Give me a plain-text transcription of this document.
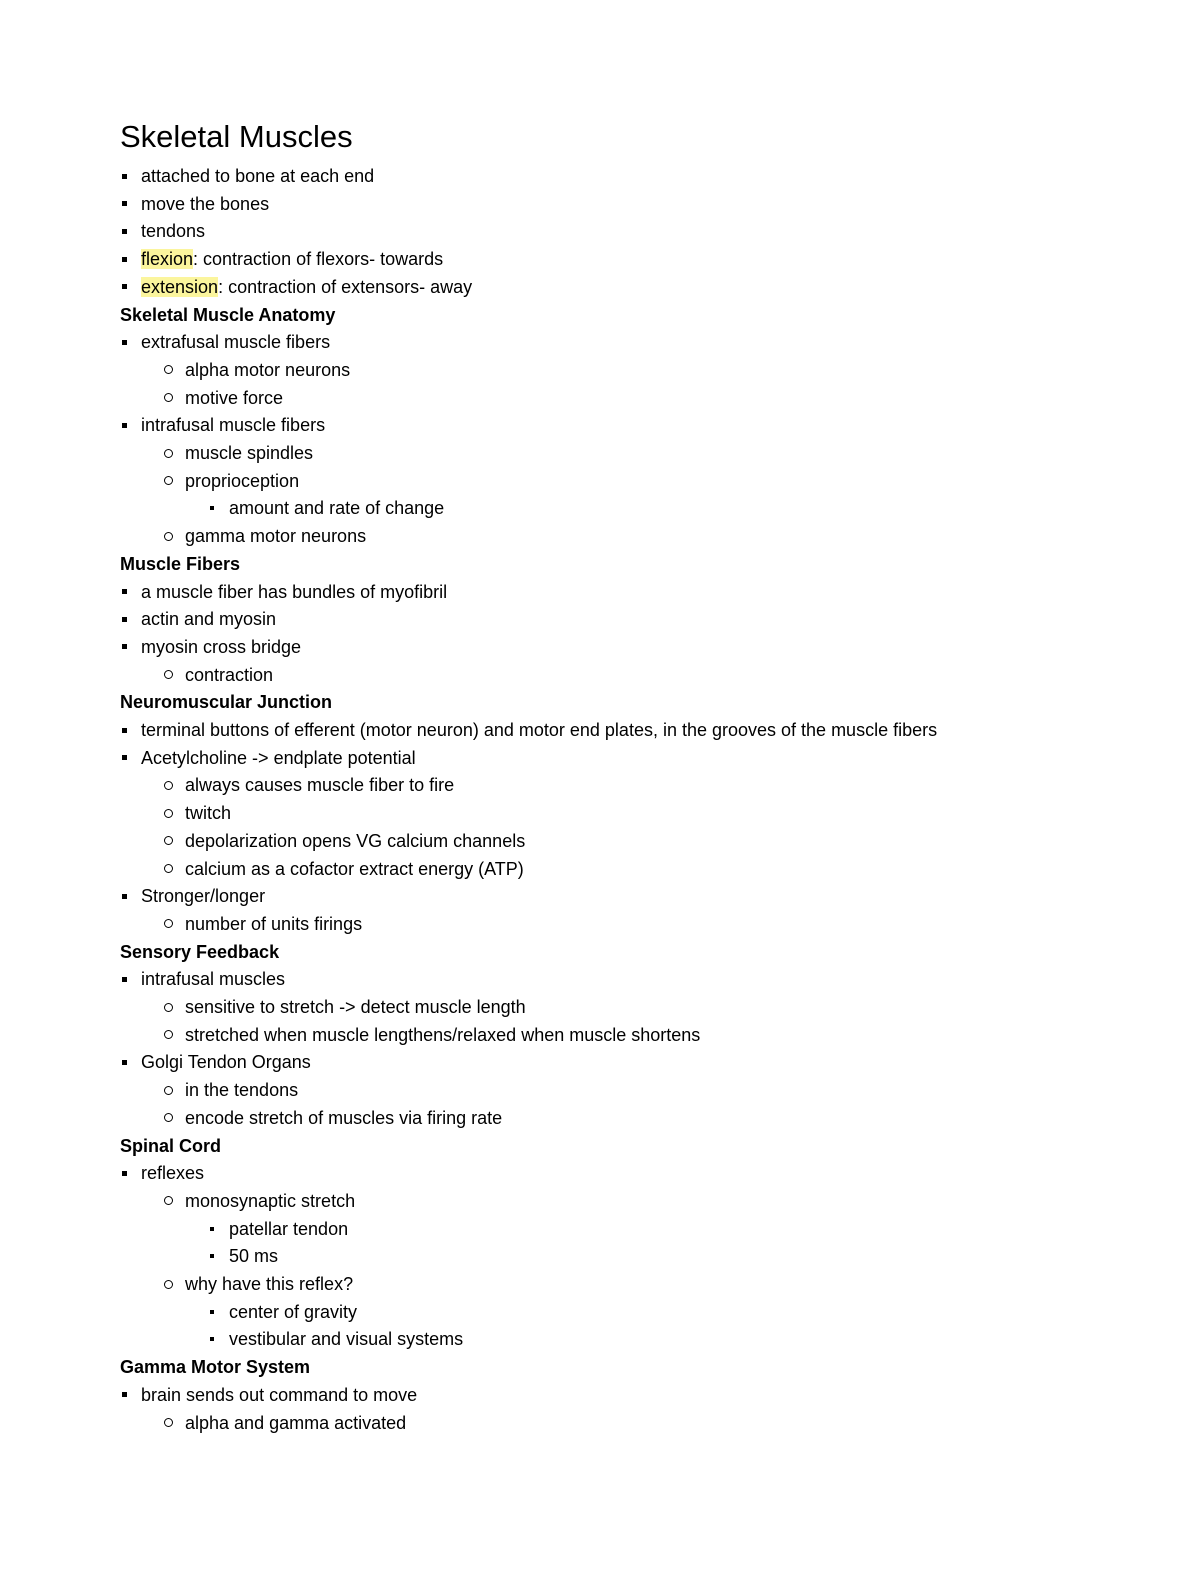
Skeletal Muscles
attached to bone at each end
move the bones
tendons
flexion: contraction of flexors- towards
extension: contraction of extensors- away
Skeletal Muscle Anatomy
extrafusal muscle fibers
alpha motor neurons
motive force
intrafusal muscle fibers
muscle spindles
proprioception
amount and rate of change
gamma motor neurons
Muscle Fibers
a muscle fiber has bundles of myofibril
actin and myosin
myosin cross bridge
contraction
Neuromuscular Junction
terminal buttons of efferent (motor neuron) and motor end plates, in the grooves of the muscle fibers
Acetylcholine -> endplate potential
always causes muscle fiber to fire
twitch
depolarization opens VG calcium channels
calcium as a cofactor extract energy (ATP)
Stronger/longer
number of units firings
Sensory Feedback
intrafusal muscles
sensitive to stretch -> detect muscle length
stretched when muscle lengthens/relaxed when muscle shortens
Golgi Tendon Organs
in the tendons
encode stretch of muscles via firing rate
Spinal Cord
reflexes
monosynaptic stretch
patellar tendon
50 ms
why have this reflex?
center of gravity
vestibular and visual systems
Gamma Motor System
brain sends out command to move
alpha and gamma activated
